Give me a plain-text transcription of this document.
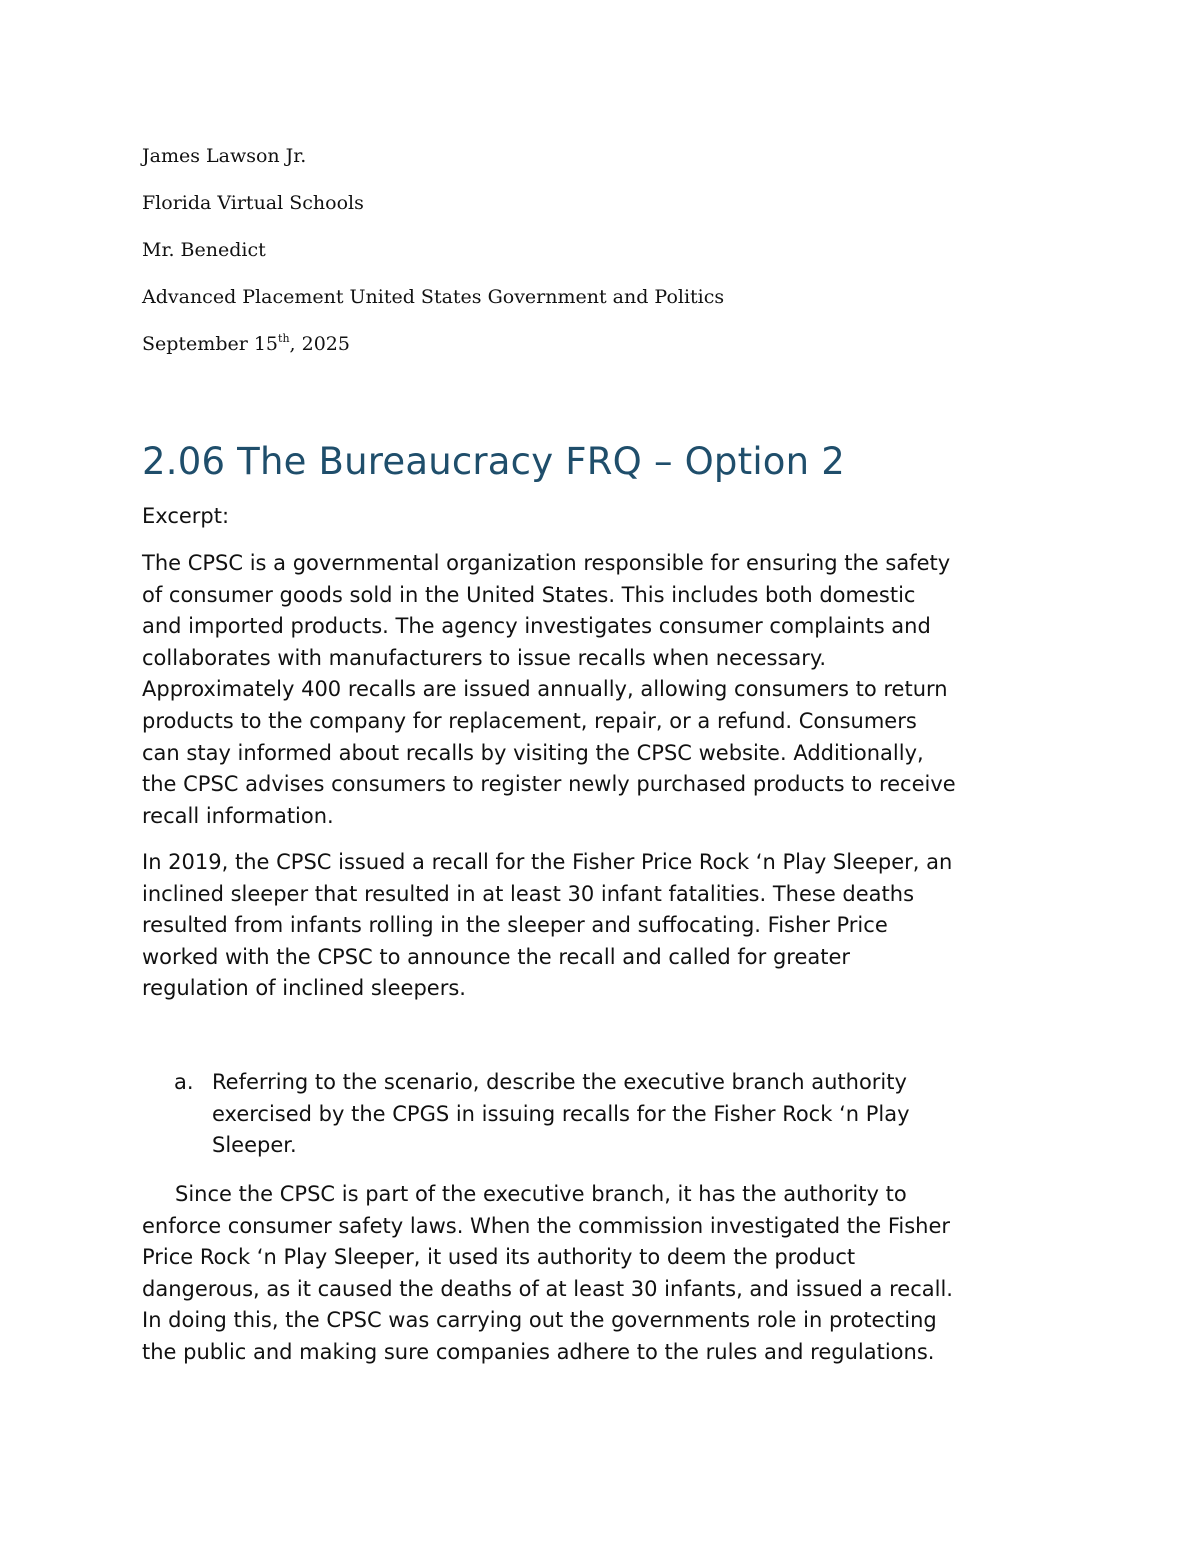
James Lawson Jr.
Florida Virtual Schools
Mr. Benedict
Advanced Placement United States Government and Politics
September 15th, 2025
2.06 The Bureaucracy FRQ – Option 2
Excerpt:

The CPSC is a governmental organization responsible for ensuring the safety
of consumer goods sold in the United States. This includes both domestic
and imported products. The agency investigates consumer complaints and
collaborates with manufacturers to issue recalls when necessary.
Approximately 400 recalls are issued annually, allowing consumers to return
products to the company for replacement, repair, or a refund. Consumers
can stay informed about recalls by visiting the CPSC website. Additionally,
the CPSC advises consumers to register newly purchased products to receive
recall information.

In 2019, the CPSC issued a recall for the Fisher Price Rock ‘n Play Sleeper, an
inclined sleeper that resulted in at least 30 infant fatalities. These deaths
resulted from infants rolling in the sleeper and suffocating. Fisher Price
worked with the CPSC to announce the recall and called for greater
regulation of inclined sleepers.

a. Referring to the scenario, describe the executive branch authority
exercised by the CPGS in issuing recalls for the Fisher Rock ‘n Play
Sleeper.

Since the CPSC is part of the executive branch, it has the authority to
enforce consumer safety laws. When the commission investigated the Fisher
Price Rock ‘n Play Sleeper, it used its authority to deem the product
dangerous, as it caused the deaths of at least 30 infants, and issued a recall.
In doing this, the CPSC was carrying out the governments role in protecting
the public and making sure companies adhere to the rules and regulations.
